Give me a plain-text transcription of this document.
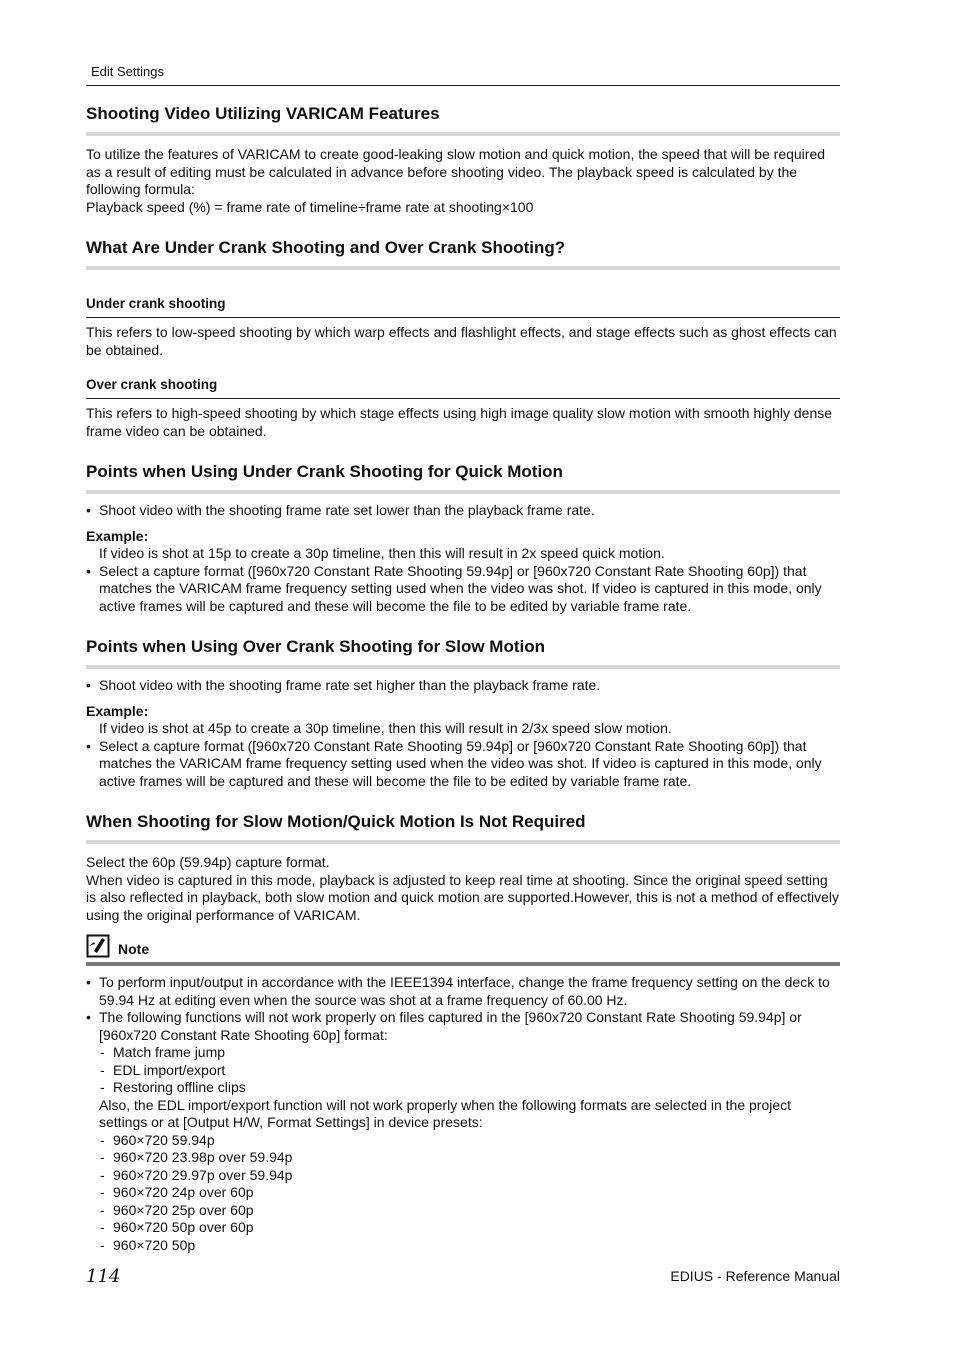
Edit Settings
Shooting Video Utilizing VARICAM Features

To utilize the features of VARICAM to create good-leaking slow motion and quick motion, the speed that will be required as a result of editing must be calculated in advance before shooting video. The playback speed is calculated by the following formula:

Playback speed (%) = frame rate of timeline÷frame rate at shooting×100

What Are Under Crank Shooting and Over Crank Shooting?
Under crank shooting

This refers to low-speed shooting by which warp effects and flashlight effects, and stage effects such as ghost effects can be obtained.

Over crank shooting

This refers to high-speed shooting by which stage effects using high image quality slow motion with smooth highly dense frame video can be obtained.

Points when Using Under Crank Shooting for Quick Motion
• Shoot video with the shooting frame rate set lower than the playback frame rate.

Example:

If video is shot at 15p to create a 30p timeline, then this will result in 2x speed quick motion.
• Select a capture format ([960x720 Constant Rate Shooting 59.94p] or [960x720 Constant Rate Shooting 60p]) that matches the VARICAM frame frequency setting used when the video was shot. If video is captured in this mode, only active frames will be captured and these will become the file to be edited by variable frame rate.
Points when Using Over Crank Shooting for Slow Motion
• Shoot video with the shooting frame rate set higher than the playback frame rate.

Example:

If video is shot at 45p to create a 30p timeline, then this will result in 2/3x speed slow motion.
• Select a capture format ([960x720 Constant Rate Shooting 59.94p] or [960x720 Constant Rate Shooting 60p]) that matches the VARICAM frame frequency setting used when the video was shot. If video is captured in this mode, only active frames will be captured and these will become the file to be edited by variable frame rate.
When Shooting for Slow Motion/Quick Motion Is Not Required

Select the 60p (59.94p) capture format.

When video is captured in this mode, playback is adjusted to keep real time at shooting. Since the original speed setting is also reflected in playback, both slow motion and quick motion are supported.However, this is not a method of effectively using the original performance of VARICAM.

Note
• To perform input/output in accordance with the IEEE1394 interface, change the frame frequency setting on the deck to 59.94 Hz at editing even when the source was shot at a frame frequency of 60.00 Hz.
• The following functions will not work properly on files captured in the [960x720 Constant Rate Shooting 59.94p] or [960x720 Constant Rate Shooting 60p] format:
- Match frame jump
- EDL import/export
- Restoring offline clips
Also, the EDL import/export function will not work properly when the following formats are selected in the project settings or at [Output H/W, Format Settings] in device presets:
- 960×720 59.94p
- 960×720 23.98p over 59.94p
- 960×720 29.97p over 59.94p
- 960×720 24p over 60p
- 960×720 25p over 60p
- 960×720 50p over 60p
- 960×720 50p
114	EDIUS - Reference Manual
